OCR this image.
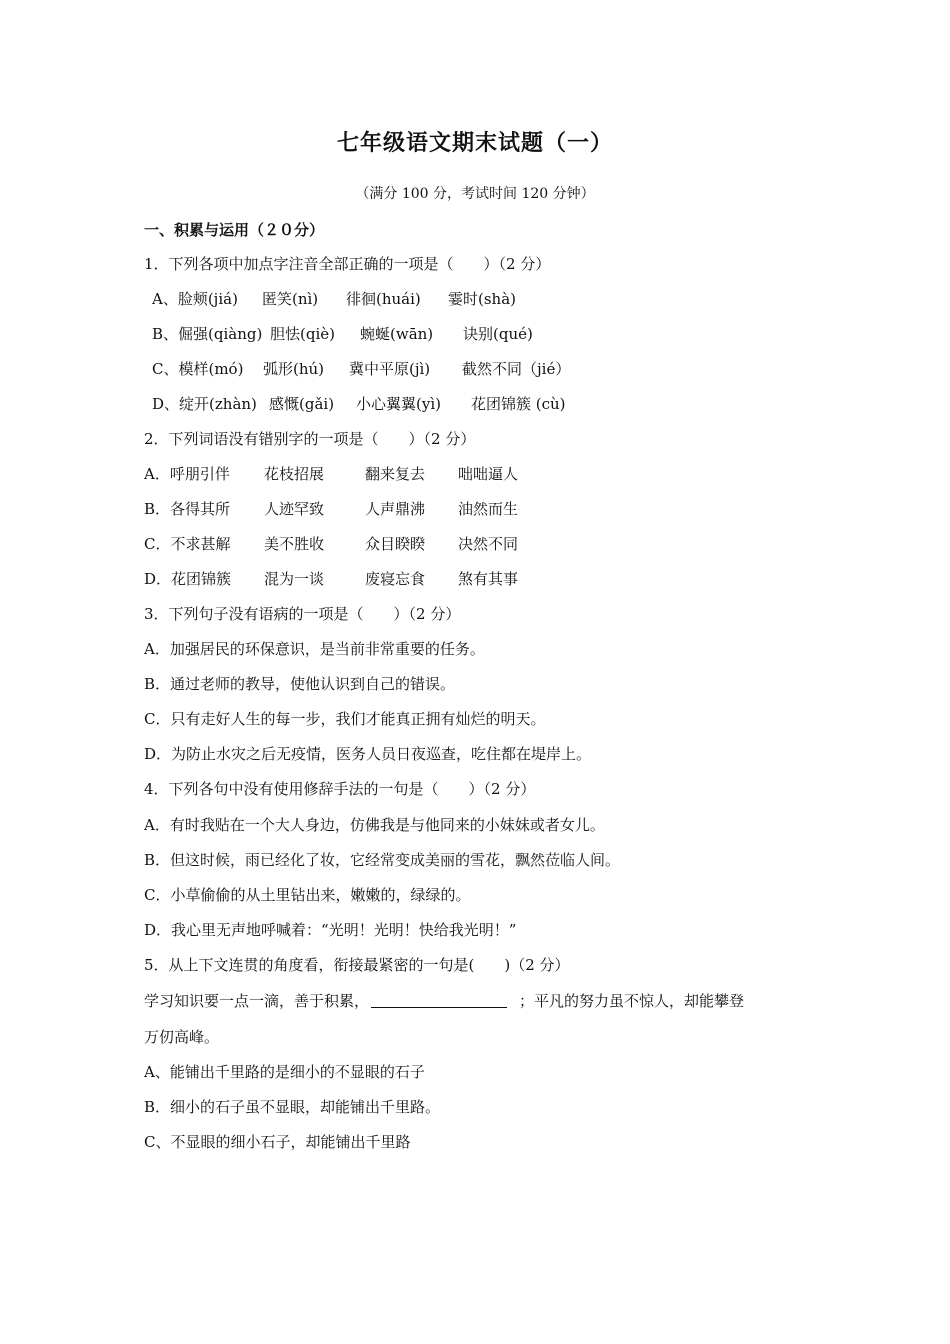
七年级语文期末试题（一）
（满分 100 分，考试时间 120 分钟）
一、积累与运用（２０分）
1．下列各项中加点字注音全部正确的一项是（　　）（2 分）
A、脸颊(jiá) 匿笑(nì) 徘徊(huái) 霎时(shà)
B、倔强(qiàng) 胆怯(qiè) 蜿蜒(wān) 诀别(qué)
C、模样(mó) 弧形(hú) 冀中平原(jì) 截然不同（jié）
D、绽开(zhàn) 感慨(gǎi) 小心翼翼(yì) 花团锦簇 (cù)
2．下列词语没有错别字的一项是（　　）（2 分）
A．呼朋引伴 花枝招展	翻来复去 咄咄逼人
B．各得其所 人迹罕致	人声鼎沸 油然而生
C．不求甚解 美不胜收	众目睽睽 决然不同
D．花团锦簇 混为一谈	废寝忘食 煞有其事
3．下列句子没有语病的一项是（　　）（2 分）
A．加强居民的环保意识，是当前非常重要的任务。
B．通过老师的教导，使他认识到自己的错误。
C．只有走好人生的每一步，我们才能真正拥有灿烂的明天。
D．为防止水灾之后无疫情，医务人员日夜巡查，吃住都在堤岸上。
4．下列各句中没有使用修辞手法的一句是（　　）（2 分）
A．有时我贴在一个大人身边，仿佛我是与他同来的小妹妹或者女儿。
B．但这时候，雨已经化了妆，它经常变成美丽的雪花，飘然莅临人间。
C．小草偷偷的从土里钻出来，嫩嫩的，绿绿的。
D．我心里无声地呼喊着：“光明！光明！快给我光明！”
5．从上下文连贯的角度看，衔接最紧密的一句是(　　)（2 分）
学习知识要一点一滴，善于积累，	；平凡的努力虽不惊人，却能攀登
万仞高峰。
A、能铺出千里路的是细小的不显眼的石子
B．细小的石子虽不显眼，却能铺出千里路。
C、不显眼的细小石子，却能铺出千里路
